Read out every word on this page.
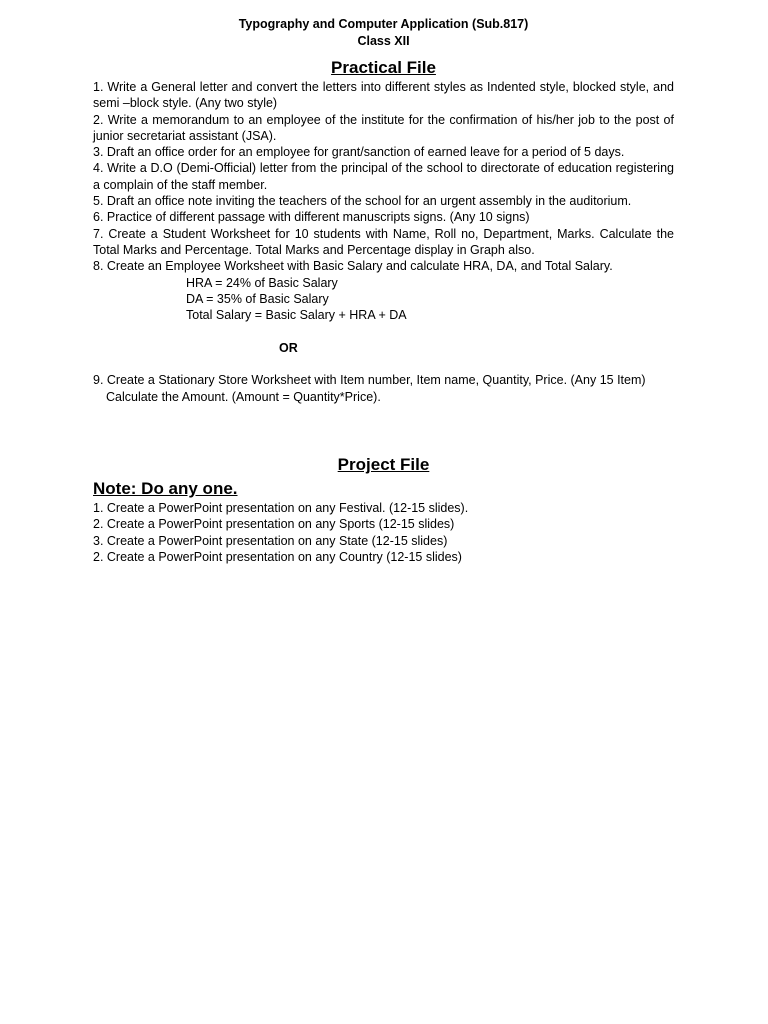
Typography and Computer Application (Sub.817)
Class XII
Practical File
1. Write a General letter and convert the letters into different styles as Indented style, blocked style, and semi –block style. (Any two style)
2. Write a memorandum to an employee of the institute for the confirmation of his/her job to the post of junior secretariat assistant (JSA).
3. Draft an office order for an employee for grant/sanction of earned leave for a period of 5 days.
4. Write a D.O (Demi-Official) letter from the principal of the school to directorate of education registering a complain of the staff member.
5. Draft an office note inviting the teachers of the school for an urgent assembly in the auditorium.
6. Practice of different passage with different manuscripts signs. (Any 10 signs)
7. Create a Student Worksheet for 10 students with Name, Roll no, Department, Marks. Calculate the Total Marks and Percentage. Total Marks and Percentage display in Graph also.
8. Create an Employee Worksheet with Basic Salary and calculate HRA, DA, and Total Salary.
HRA = 24% of Basic Salary
DA = 35% of Basic Salary
Total Salary = Basic Salary + HRA + DA
OR
9. Create a Stationary Store Worksheet with Item number, Item name, Quantity, Price. (Any 15 Item)
Calculate the Amount. (Amount = Quantity*Price).
Project File
Note: Do any one.
1. Create a PowerPoint presentation on any Festival. (12-15 slides).
2. Create a PowerPoint presentation on any Sports (12-15 slides)
3. Create a PowerPoint presentation on any State (12-15 slides)
2. Create a PowerPoint presentation on any Country (12-15 slides)
